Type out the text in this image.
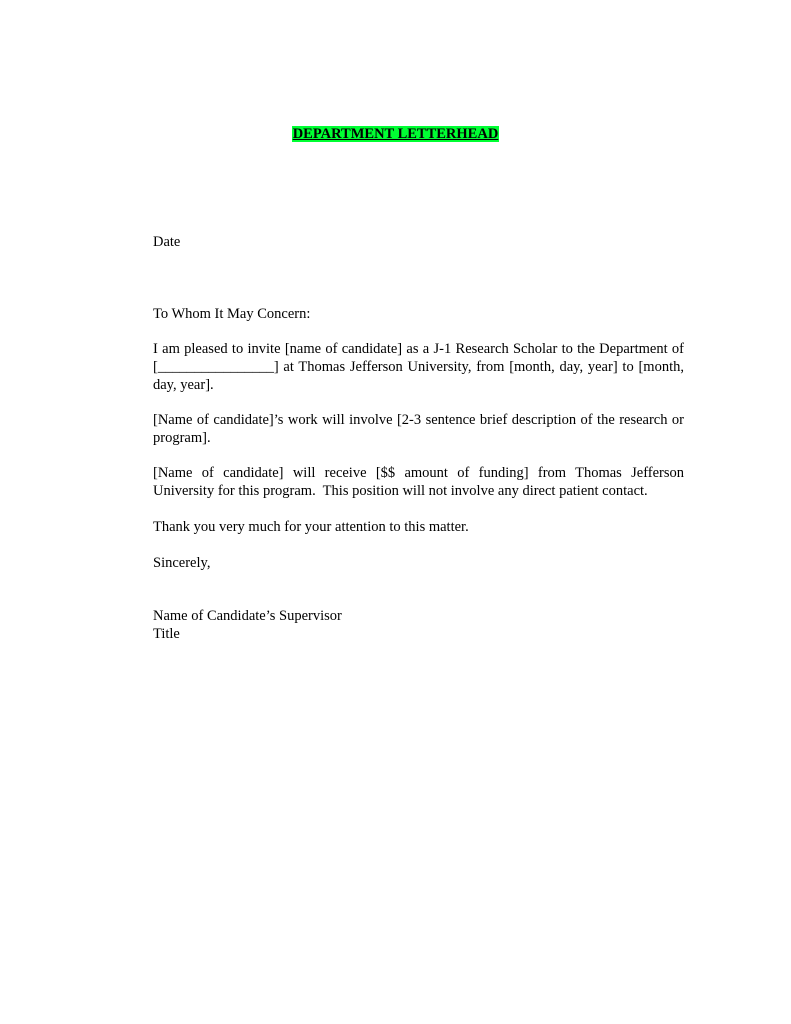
DEPARTMENT LETTERHEAD
Date
To Whom It May Concern:
I am pleased to invite [name of candidate] as a J-1 Research Scholar to the Department of [________________] at Thomas Jefferson University, from [month, day, year] to [month, day, year].
[Name of candidate]’s work will involve [2-3 sentence brief description of the research or program].
[Name of candidate] will receive [$$ amount of funding] from Thomas Jefferson University for this program.  This position will not involve any direct patient contact.
Thank you very much for your attention to this matter.
Sincerely,
Name of Candidate’s Supervisor
Title
